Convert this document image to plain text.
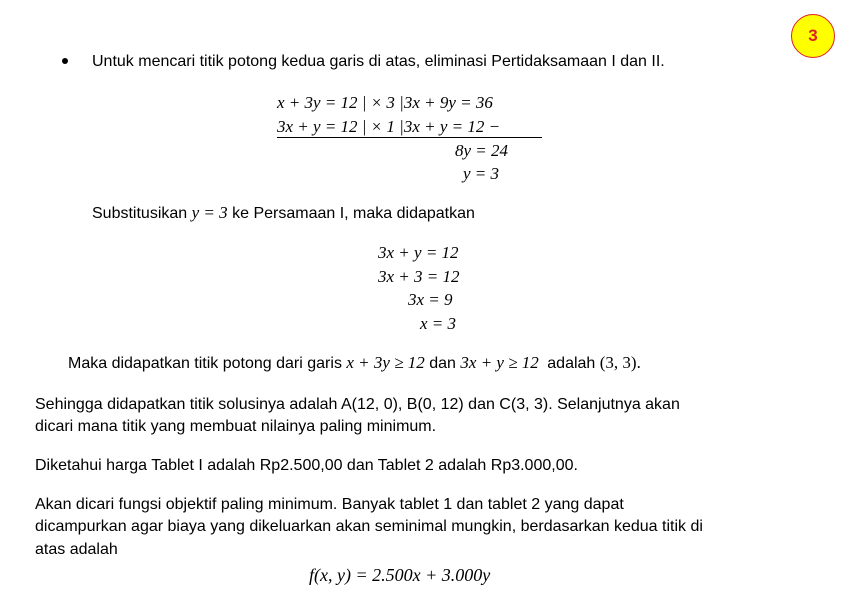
3
Untuk mencari titik potong kedua garis di atas, eliminasi Pertidaksamaan I dan II.
x + 3y = 12 | × 3 |3x + 9y = 36
3x + y = 12 | × 1 |3x + y = 12 −
8y = 24
y = 3
Substitusikan y = 3 ke Persamaan I, maka didapatkan
3x + y = 12
3x + 3 = 12
3x = 9
x = 3
Maka didapatkan titik potong dari garis x + 3y ≥ 12 dan 3x + y ≥ 12 adalah (3, 3).
Sehingga didapatkan titik solusinya adalah A(12, 0), B(0, 12) dan C(3, 3). Selanjutnya akan
dicari mana titik yang membuat nilainya paling minimum.
Diketahui harga Tablet I adalah Rp2.500,00 dan Tablet 2 adalah Rp3.000,00.
Akan dicari fungsi objektif paling minimum. Banyak tablet 1 dan tablet 2 yang dapat
dicampurkan agar biaya yang dikeluarkan akan seminimal mungkin, berdasarkan kedua titik di
atas adalah
f(x, y) = 2.500x + 3.000y
